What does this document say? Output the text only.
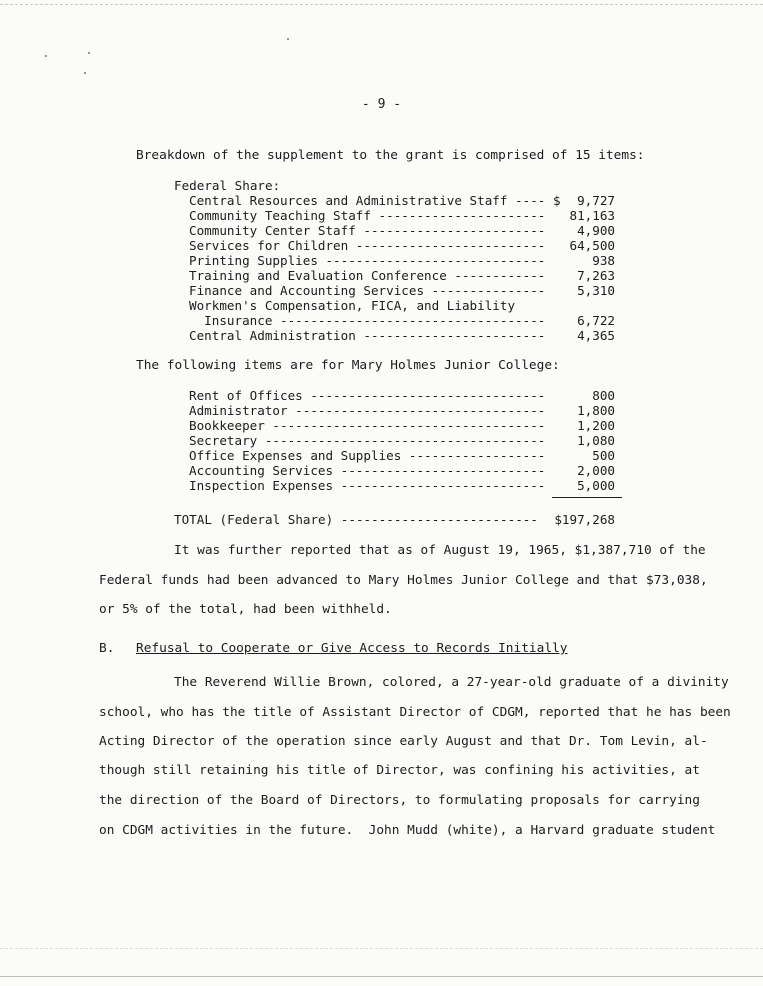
- 9 -
Breakdown of the supplement to the grant is comprised of 15 items:
Federal Share:
Central Resources and Administrative Staff ---- $	9,727
Community Teaching Staff ----------------------	81,163
Community Center Staff ------------------------	4,900
Services for Children -------------------------	64,500
Printing Supplies -----------------------------	938
Training and Evaluation Conference ------------	7,263
Finance and Accounting Services ---------------	5,310
Workmen's Compensation, FICA, and Liability
Insurance -----------------------------------	6,722
Central Administration ------------------------	4,365
The following items are for Mary Holmes Junior College:
Rent of Offices -------------------------------	800
Administrator ---------------------------------	1,800
Bookkeeper ------------------------------------	1,200
Secretary -------------------------------------	1,080
Office Expenses and Supplies ------------------	500
Accounting Services ---------------------------	2,000
Inspection Expenses ---------------------------	5,000
TOTAL (Federal Share) --------------------------	$197,268
It was further reported that as of August 19, 1965, $1,387,710 of the
Federal funds had been advanced to Mary Holmes Junior College and that $73,038,
or 5% of the total, had been withheld.
B. Refusal to Cooperate or Give Access to Records Initially
The Reverend Willie Brown, colored, a 27-year-old graduate of a divinity
school, who has the title of Assistant Director of CDGM, reported that he has been
Acting Director of the operation since early August and that Dr. Tom Levin, al-
though still retaining his title of Director, was confining his activities, at
the direction of the Board of Directors, to formulating proposals for carrying
on CDGM activities in the future.  John Mudd (white), a Harvard graduate student
